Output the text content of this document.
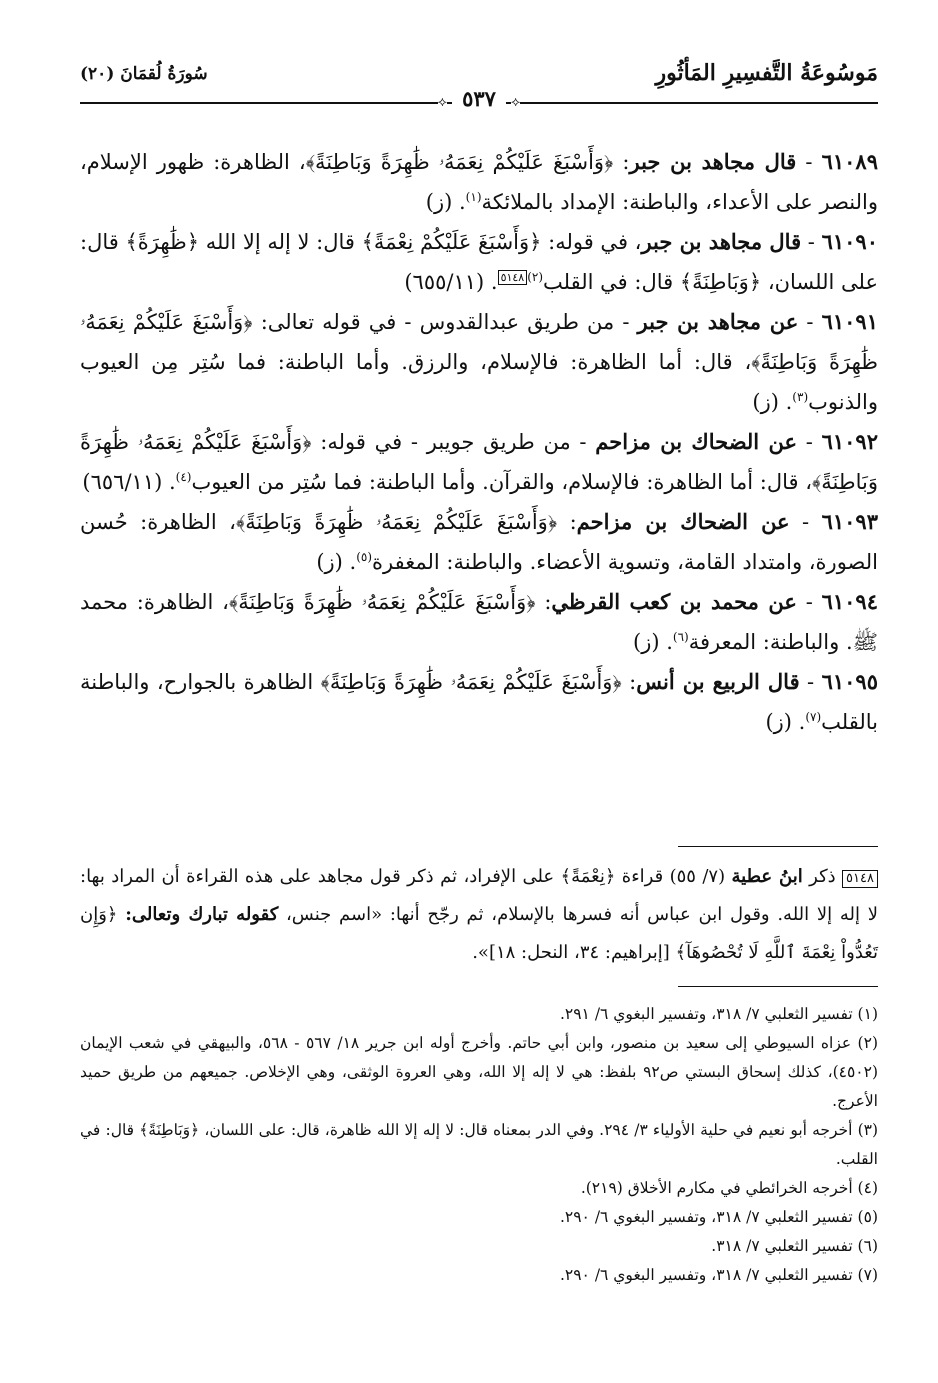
مَوسُوعَةُ التَّفسِيرِ المَأثُورِ
سُورَةُ لُقمَانَ (٢٠)
⟡ ٥٣٧ ⟡

٦١٠٨٩ - قال مجاهد بن جبر: ﴿وَأَسْبَغَ عَلَيْكُمْ نِعَمَهُۥ ظَٰهِرَةً وَبَاطِنَةً﴾، الظاهرة: ظهور الإسلام، والنصر على الأعداء، والباطنة: الإمداد بالملائكة$^{(١)}$. (ز)

٦١٠٩٠ - قال مجاهد بن جبر، في قوله: ﴿وَأَسْبَغَ عَلَيْكُمْ نِعْمَةً﴾ قال: لا إله إلا الله ﴿ظَٰهِرَةً﴾ قال: على اللسان، ﴿وَبَاطِنَةً﴾ قال: في القلب$^{(٢)}$٥١٤٨. (٦٥٥/١١)

٦١٠٩١ - عن مجاهد بن جبر - من طريق عبدالقدوس - في قوله تعالى: ﴿وَأَسْبَغَ عَلَيْكُمْ نِعَمَهُۥ ظَٰهِرَةً وَبَاطِنَةً﴾، قال: أما الظاهرة: فالإسلام، والرزق. وأما الباطنة: فما سُتِر مِن العيوب والذنوب$^{(٣)}$. (ز)

٦١٠٩٢ - عن الضحاك بن مزاحم - من طريق جويبر - في قوله: ﴿وَأَسْبَغَ عَلَيْكُمْ نِعَمَهُۥ ظَٰهِرَةً وَبَاطِنَةً﴾، قال: أما الظاهرة: فالإسلام، والقرآن. وأما الباطنة: فما سُتِر من العيوب$^{(٤)}$. (٦٥٦/١١)

٦١٠٩٣ - عن الضحاك بن مزاحم: ﴿وَأَسْبَغَ عَلَيْكُمْ نِعَمَهُۥ ظَٰهِرَةً وَبَاطِنَةً﴾، الظاهرة: حُسن الصورة، وامتداد القامة، وتسوية الأعضاء. والباطنة: المغفرة$^{(٥)}$. (ز)

٦١٠٩٤ - عن محمد بن كعب القرظي: ﴿وَأَسْبَغَ عَلَيْكُمْ نِعَمَهُۥ ظَٰهِرَةً وَبَاطِنَةً﴾، الظاهرة: محمد ﷺ. والباطنة: المعرفة$^{(٦)}$. (ز)

٦١٠٩٥ - قال الربيع بن أنس: ﴿وَأَسْبَغَ عَلَيْكُمْ نِعَمَهُۥ ظَٰهِرَةً وَبَاطِنَةً﴾ الظاهرة بالجوارح، والباطنة بالقلب$^{(٧)}$. (ز)

٥١٤٨ ذكر ابنُ عطية (٧/ ٥٥) قراءة ﴿نِعْمَةً﴾ على الإفراد، ثم ذكر قول مجاهد على هذه القراءة أن المراد بها: لا إله إلا الله. وقول ابن عباس أنه فسرها بالإسلام، ثم رجّح أنها: «اسم جنس، كقوله تبارك وتعالى: ﴿وَإِن تَعُدُّواْ نِعْمَةَ ٱللَّهِ لَا تُحْصُوهَآ﴾ [إبراهيم: ٣٤، النحل: ١٨]».

(١) تفسير الثعلبي ٧/ ٣١٨، وتفسير البغوي ٦/ ٢٩١.

(٢) عزاه السيوطي إلى سعيد بن منصور، وابن أبي حاتم. وأخرج أوله ابن جرير ١٨/ ٥٦٧ - ٥٦٨، والبيهقي في شعب الإيمان (٤٥٠٢)، كذلك إسحاق البستي ص٩٢ بلفظ: هي لا إله إلا الله، وهي العروة الوثقى، وهي الإخلاص. جميعهم من طريق حميد الأعرج.

(٣) أخرجه أبو نعيم في حلية الأولياء ٣/ ٢٩٤. وفي الدر بمعناه قال: لا إله إلا الله ظاهرة، قال: على اللسان، ﴿وَبَاطِنَةً﴾ قال: في القلب.

(٤) أخرجه الخرائطي في مكارم الأخلاق (٢١٩).

(٥) تفسير الثعلبي ٧/ ٣١٨، وتفسير البغوي ٦/ ٢٩٠.

(٦) تفسير الثعلبي ٧/ ٣١٨.

(٧) تفسير الثعلبي ٧/ ٣١٨، وتفسير البغوي ٦/ ٢٩٠.
